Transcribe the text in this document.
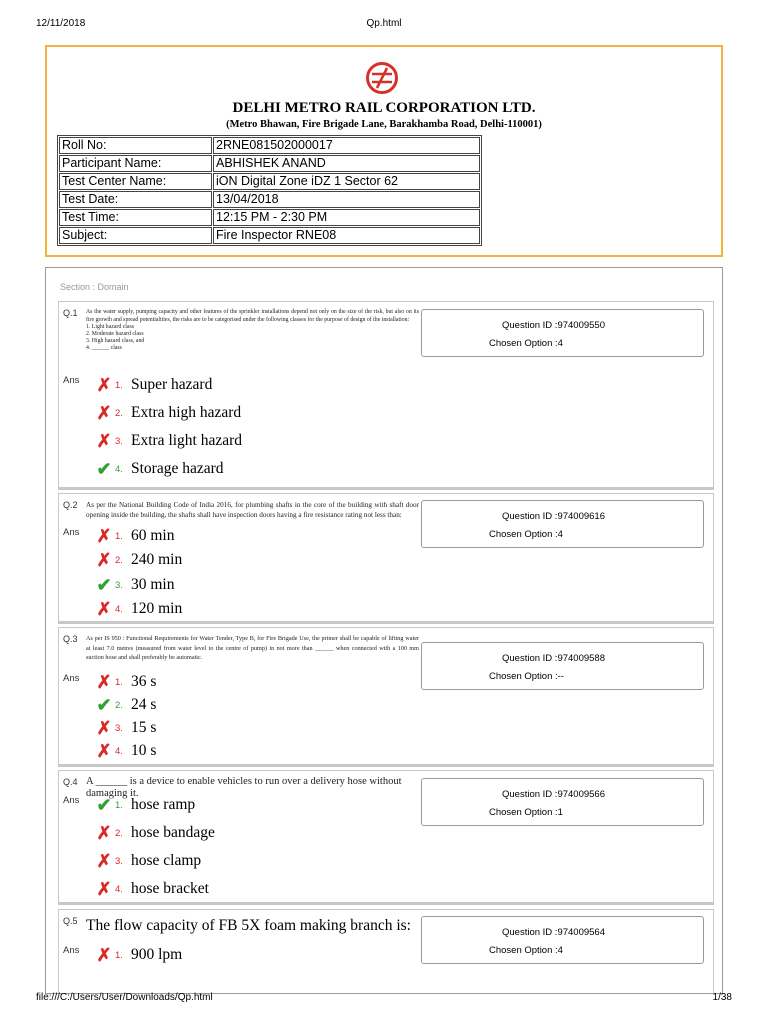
12/11/2018	Qp.html
DELHI METRO RAIL CORPORATION LTD.
(Metro Bhawan, Fire Brigade Lane, Barakhamba Road, Delhi-110001)
Roll No:	2RNE081502000017
Participant Name:	ABHISHEK ANAND
Test Center Name:	iON Digital Zone iDZ 1 Sector 62
Test Date:	13/04/2018
Test Time:	12:15 PM - 2:30 PM
Subject:	Fire Inspector RNE08
Section : Domain
Q.1 As the water supply, pumping capacity and other features of the sprinkler installations depend not only on the size of the risk, but also on its fire growth and spread potentialities, the risks are to be categorised under the following classes for the purpose of design of the installation:
1. Light hazard class
2. Moderate hazard class
3. High hazard class, and
4. ______ class
Question ID :974009550
Chosen Option :4
Ans ✗ 1. Super hazard
✗ 2. Extra high hazard
✗ 3. Extra light hazard
✔ 4. Storage hazard
Q.2 As per the National Building Code of India 2016, for plumbing shafts in the core of the building with shaft door opening inside the building, the shafts shall have inspection doors having a fire resistance rating not less than:	Question ID :974009616
Chosen Option :4
Ans ✗ 1. 60 min
✗ 2. 240 min
✔ 3. 30 min
✗ 4. 120 min
Q.3 As per IS 950 : Functional Requirements for Water Tender, Type B, for Fire Brigade Use, the primer shall be capable of lifting water at least 7.0 metres (measured from water level to the centre of pump) in not more than ______ when connected with a 100 mm suction hose and shall preferably be automatic.	Question ID :974009588
Chosen Option :--
Ans ✗ 1. 36 s
✔ 2. 24 s
✗ 3. 15 s
✗ 4. 10 s
Q.4 A ______ is a device to enable vehicles to run over a delivery hose without damaging it.	Question ID :974009566
Chosen Option :1
Ans ✔ 1. hose ramp
✗ 2. hose bandage
✗ 3. hose clamp
✗ 4. hose bracket
Q.5 The flow capacity of FB 5X foam making branch is:	Question ID :974009564
Chosen Option :4
Ans ✗ 1. 900 lpm
file:///C:/Users/User/Downloads/Qp.html	1/38
